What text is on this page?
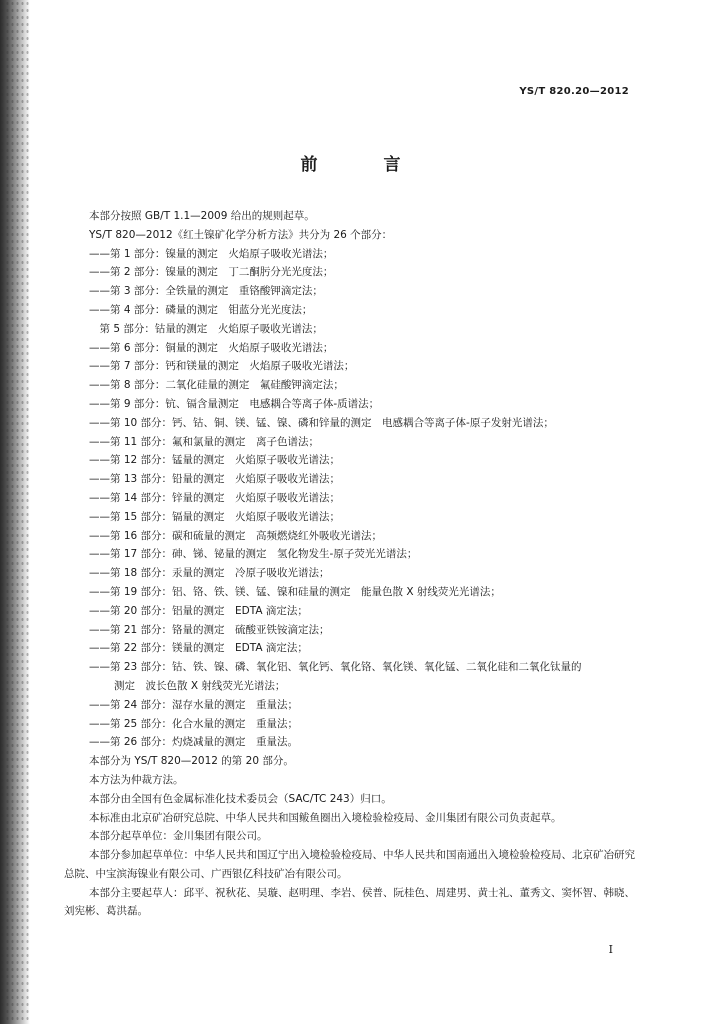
YS/T 820.20—2012
前 言
本部分按照 GB/T 1.1—2009 给出的规则起草。
YS/T 820—2012《红土镍矿化学分析方法》共分为 26 个部分：
——第 1 部分：镍量的测定　火焰原子吸收光谱法；
——第 2 部分：镍量的测定　丁二酮肟分光光度法；
——第 3 部分：全铁量的测定　重铬酸钾滴定法；
——第 4 部分：磷量的测定　钼蓝分光光度法；
　第 5 部分：钴量的测定　火焰原子吸收光谱法；
——第 6 部分：铜量的测定　火焰原子吸收光谱法；
——第 7 部分：钙和镁量的测定　火焰原子吸收光谱法；
——第 8 部分：二氧化硅量的测定　氟硅酸钾滴定法；
——第 9 部分：钪、镉含量测定　电感耦合等离子体-质谱法；
——第 10 部分：钙、钴、铜、镁、锰、镍、磷和锌量的测定　电感耦合等离子体-原子发射光谱法；
——第 11 部分：氟和氯量的测定　离子色谱法；
——第 12 部分：锰量的测定　火焰原子吸收光谱法；
——第 13 部分：铅量的测定　火焰原子吸收光谱法；
——第 14 部分：锌量的测定　火焰原子吸收光谱法；
——第 15 部分：镉量的测定　火焰原子吸收光谱法；
——第 16 部分：碳和硫量的测定　高频燃烧红外吸收光谱法；
——第 17 部分：砷、锑、铋量的测定　氢化物发生-原子荧光光谱法；
——第 18 部分：汞量的测定　冷原子吸收光谱法；
——第 19 部分：铝、铬、铁、镁、锰、镍和硅量的测定　能量色散 X 射线荧光光谱法；
——第 20 部分：铝量的测定　EDTA 滴定法；
——第 21 部分：铬量的测定　硫酸亚铁铵滴定法；
——第 22 部分：镁量的测定　EDTA 滴定法；
——第 23 部分：钴、铁、镍、磷、氧化铝、氧化钙、氧化铬、氧化镁、氧化锰、二氧化硅和二氧化钛量的
测定　波长色散 X 射线荧光光谱法；
——第 24 部分：湿存水量的测定　重量法；
——第 25 部分：化合水量的测定　重量法；
——第 26 部分：灼烧减量的测定　重量法。
本部分为 YS/T 820—2012 的第 20 部分。
本方法为仲裁方法。
本部分由全国有色金属标准化技术委员会（SAC/TC 243）归口。
本标准由北京矿冶研究总院、中华人民共和国鲅鱼圈出入境检验检疫局、金川集团有限公司负责起草。
本部分起草单位：金川集团有限公司。
本部分参加起草单位：中华人民共和国辽宁出入境检验检疫局、中华人民共和国南通出入境检验检疫局、北京矿冶研究总院、中宝滨海镍业有限公司、广西银亿科技矿冶有限公司。
本部分主要起草人：邱平、祝秋花、吴璇、赵明理、李岩、侯普、阮桂色、周建男、黄士礼、董秀文、窦怀智、韩晓、刘宪彬、葛洪磊。
I
